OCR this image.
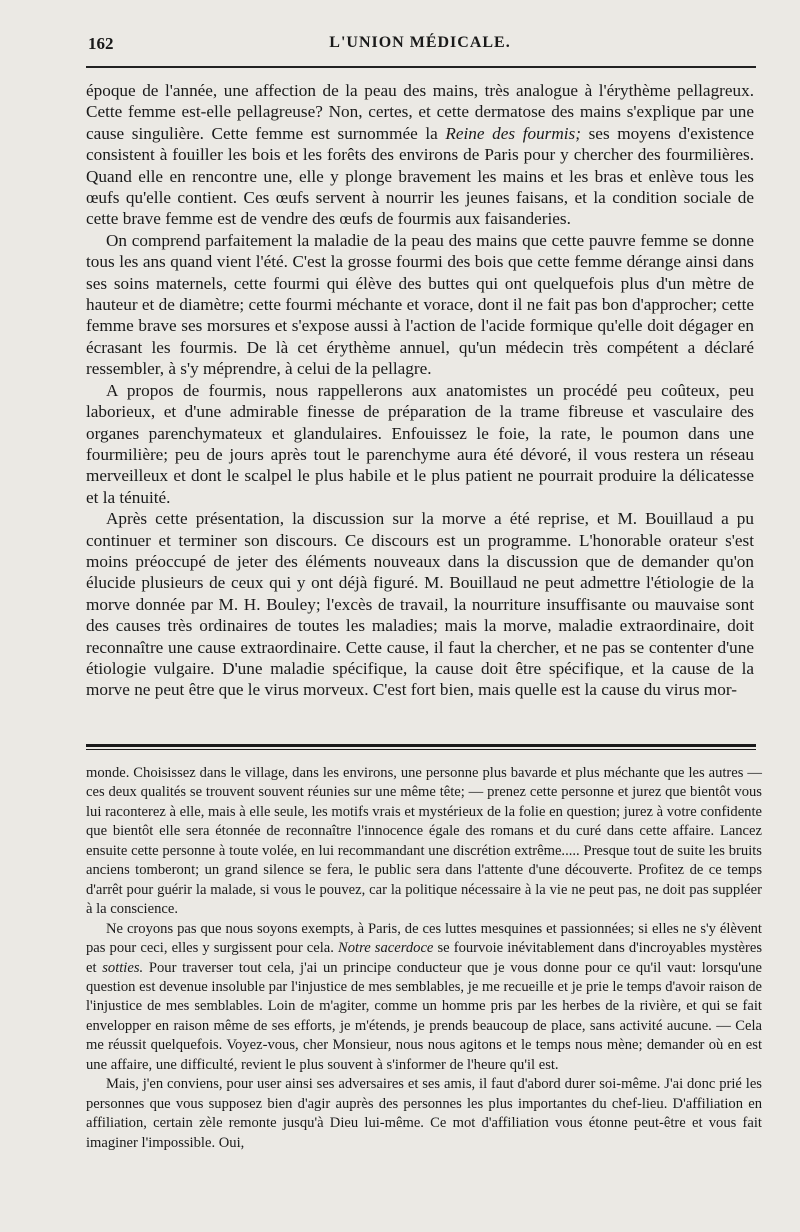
162	L'UNION MÉDICALE.

époque de l'année, une affection de la peau des mains, très analogue à l'érythème pellagreux. Cette femme est-elle pellagreuse? Non, certes, et cette dermatose des mains s'explique par une cause singulière. Cette femme est surnommée la Reine des fourmis; ses moyens d'existence consistent à fouiller les bois et les forêts des environs de Paris pour y chercher des fourmilières. Quand elle en rencontre une, elle y plonge bravement les mains et les bras et enlève tous les œufs qu'elle contient. Ces œufs servent à nourrir les jeunes faisans, et la condition sociale de cette brave femme est de vendre des œufs de fourmis aux faisanderies.

On comprend parfaitement la maladie de la peau des mains que cette pauvre femme se donne tous les ans quand vient l'été. C'est la grosse fourmi des bois que cette femme dérange ainsi dans ses soins maternels, cette fourmi qui élève des buttes qui ont quelquefois plus d'un mètre de hauteur et de diamètre; cette fourmi méchante et vorace, dont il ne fait pas bon d'approcher; cette femme brave ses morsures et s'expose aussi à l'action de l'acide formique qu'elle doit dégager en écrasant les fourmis. De là cet érythème annuel, qu'un médecin très compétent a déclaré ressembler, à s'y méprendre, à celui de la pellagre.

A propos de fourmis, nous rappellerons aux anatomistes un procédé peu coûteux, peu laborieux, et d'une admirable finesse de préparation de la trame fibreuse et vasculaire des organes parenchymateux et glandulaires. Enfouissez le foie, la rate, le poumon dans une fourmilière; peu de jours après tout le parenchyme aura été dévoré, il vous restera un réseau merveilleux et dont le scalpel le plus habile et le plus patient ne pourrait produire la délicatesse et la ténuité.

Après cette présentation, la discussion sur la morve a été reprise, et M. Bouillaud a pu continuer et terminer son discours. Ce discours est un programme. L'honorable orateur s'est moins préoccupé de jeter des éléments nouveaux dans la discussion que de demander qu'on élucide plusieurs de ceux qui y ont déjà figuré. M. Bouillaud ne peut admettre l'étiologie de la morve donnée par M. H. Bouley; l'excès de travail, la nourriture insuffisante ou mauvaise sont des causes très ordinaires de toutes les maladies; mais la morve, maladie extraordinaire, doit reconnaître une cause extraordinaire. Cette cause, il faut la chercher, et ne pas se contenter d'une étiologie vulgaire. D'une maladie spécifique, la cause doit être spécifique, et la cause de la morve ne peut être que le virus morveux. C'est fort bien, mais quelle est la cause du virus mor-

monde. Choisissez dans le village, dans les environs, une personne plus bavarde et plus méchante que les autres — ces deux qualités se trouvent souvent réunies sur une même tête; — prenez cette personne et jurez que bientôt vous lui raconterez à elle, mais à elle seule, les motifs vrais et mystérieux de la folie en question; jurez à votre confidente que bientôt elle sera étonnée de reconnaître l'innocence égale des romans et du curé dans cette affaire. Lancez ensuite cette personne à toute volée, en lui recommandant une discrétion extrême..... Presque tout de suite les bruits anciens tomberont; un grand silence se fera, le public sera dans l'attente d'une découverte. Profitez de ce temps d'arrêt pour guérir la malade, si vous le pouvez, car la politique nécessaire à la vie ne peut pas, ne doit pas suppléer à la conscience.

Ne croyons pas que nous soyons exempts, à Paris, de ces luttes mesquines et passionnées; si elles ne s'y élèvent pas pour ceci, elles y surgissent pour cela. Notre sacerdoce se fourvoie inévitablement dans d'incroyables mystères et sotties. Pour traverser tout cela, j'ai un principe conducteur que je vous donne pour ce qu'il vaut: lorsqu'une question est devenue insoluble par l'injustice de mes semblables, je me recueille et je prie le temps d'avoir raison de l'injustice de mes semblables. Loin de m'agiter, comme un homme pris par les herbes de la rivière, et qui se fait envelopper en raison même de ses efforts, je m'étends, je prends beaucoup de place, sans activité aucune. — Cela me réussit quelquefois. Voyez-vous, cher Monsieur, nous nous agitons et le temps nous mène; demander où en est une affaire, une difficulté, revient le plus souvent à s'informer de l'heure qu'il est.

Mais, j'en conviens, pour user ainsi ses adversaires et ses amis, il faut d'abord durer soi-même. J'ai donc prié les personnes que vous supposez bien d'agir auprès des personnes les plus importantes du chef-lieu. D'affiliation en affiliation, certain zèle remonte jusqu'à Dieu lui-même. Ce mot d'affiliation vous étonne peut-être et vous fait imaginer l'impossible. Oui,
